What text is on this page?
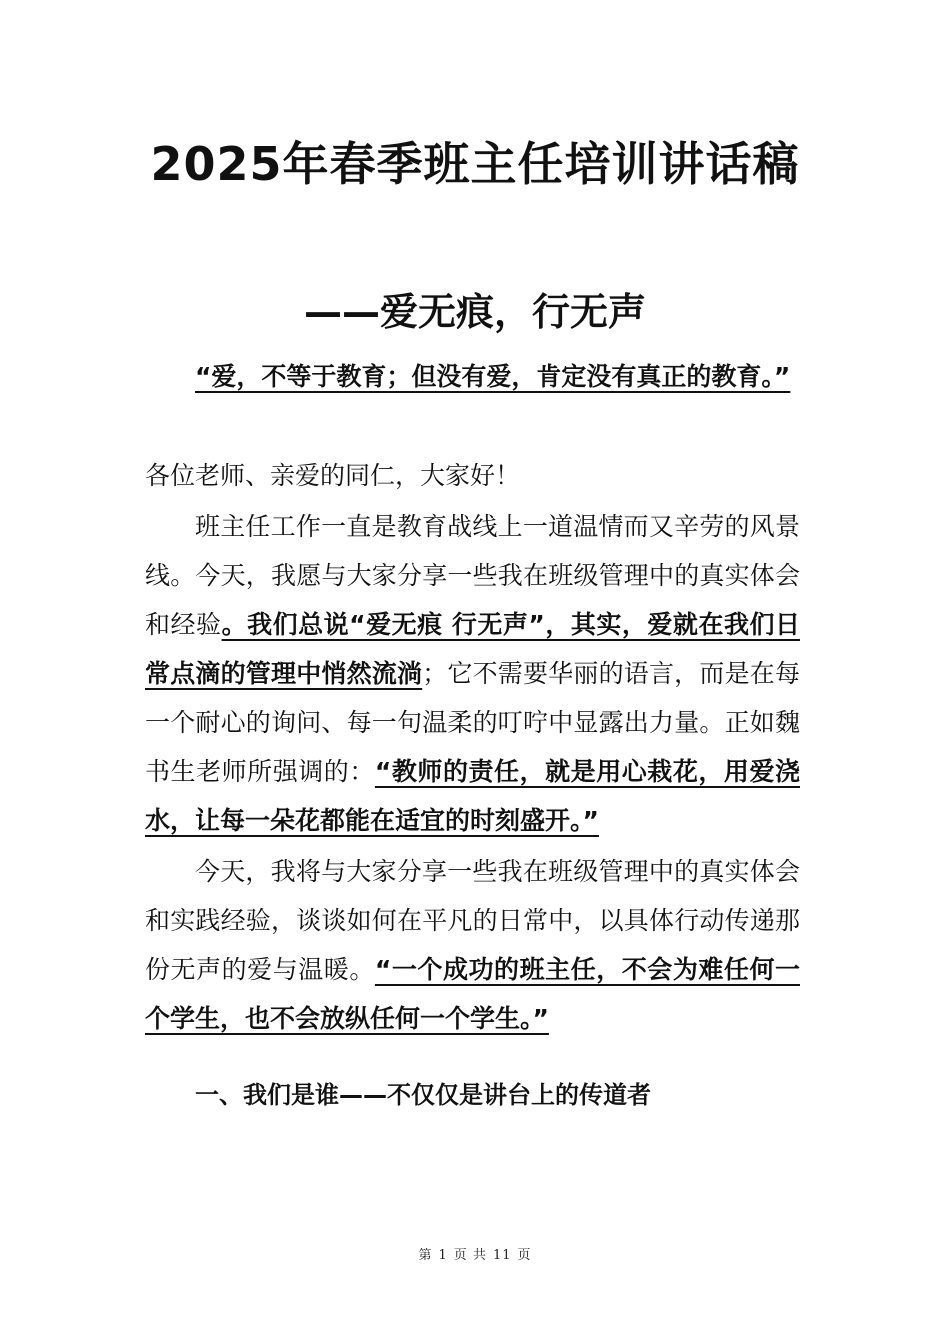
2025年春季班主任培训讲话稿
——爱无痕，行无声
“爱，不等于教育；但没有爱，肯定没有真正的教育。”
各位老师、亲爱的同仁，大家好！
班主任工作一直是教育战线上一道温情而又辛劳的风景线。今天，我愿与大家分享一些我在班级管理中的真实体会和经验。我们总说“爱无痕 行无声”，其实，爱就在我们日常点滴的管理中悄然流淌；它不需要华丽的语言，而是在每一个耐心的询问、每一句温柔的叮咛中显露出力量。正如魏书生老师所强调的：“教师的责任，就是用心栽花，用爱浇水，让每一朵花都能在适宜的时刻盛开。”
今天，我将与大家分享一些我在班级管理中的真实体会和实践经验，谈谈如何在平凡的日常中，以具体行动传递那份无声的爱与温暖。“一个成功的班主任，不会为难任何一个学生，也不会放纵任何一个学生。”
一、我们是谁——不仅仅是讲台上的传道者
第 1 页 共 11 页
